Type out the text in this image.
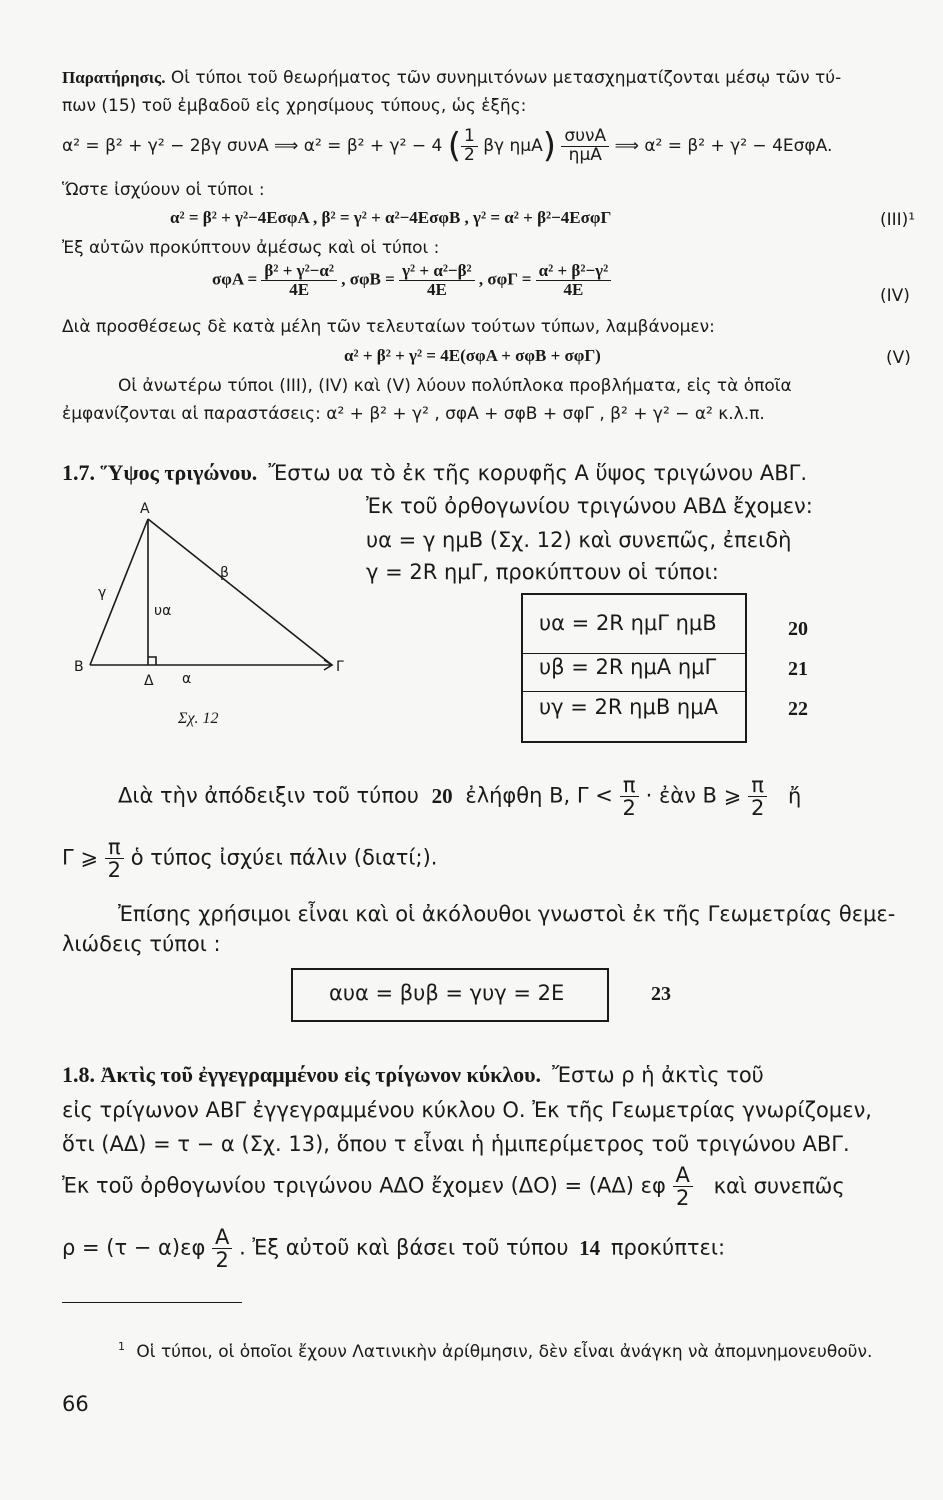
Παρατήρησις. Οἱ τύποι τοῦ θεωρήματος τῶν συνημιτόνων μετασχηματίζονται μέσῳ τῶν τύ-
πων (15) τοῦ ἐμβαδοῦ εἰς χρησίμους τύπους, ὡς ἑξῆς:
α² = β² + γ² − 2βγ συνA ⟹ α² = β² + γ² − 4 ( $\frac{1}{2}$ βγ $\eta\mu A) \frac{\text{συνA}}{\text{ημA}}$ ⟹ α² = β² + γ² − 4EσφA.
Ὥστε ἰσχύουν οἱ τύποι :
α² = β² + γ²−4EσφA , β² = γ² + α²−4EσφB , γ² = α² + β²−4EσφΓ	(III)¹
Ἐξ αὐτῶν προκύπτουν ἀμέσως καὶ οἱ τύποι :
$\sigma\varphi A = \frac{\text{β² + γ²−α²}}{4E}$ , $\sigma\varphi B = \frac{\text{γ² + α²−β²}}{4E}$ , $\sigma\varphi\Gamma = \frac{\text{α² + β²−γ²}}{4E}$	(IV)
Διὰ προσθέσεως δὲ κατὰ μέλη τῶν τελευταίων τούτων τύπων, λαμβάνομεν:
α² + β² + γ² = 4E(σφA + σφB + σφΓ)	(V)
Οἱ ἀνωτέρω τύποι (III), (IV) καὶ (V) λύουν πολύπλοκα προβλήματα, εἰς τὰ ὁποῖα
ἐμφανίζονται αἱ παραστάσεις: α² + β² + γ² , σφA + σφB + σφΓ , β² + γ² − α² κ.λ.π.
1.7. Ὕψος τριγώνου. Ἔστω υα τὸ ἐκ τῆς κορυφῆς A ὕψος τριγώνου AΒΓ.
Ἐκ τοῦ ὀρθογωνίου τριγώνου ΑΒΔ ἔχομεν:
υα = γ ημB (Σχ. 12) καὶ συνεπῶς, ἐπειδὴ
γ = 2R ημΓ, προκύπτουν οἱ τύποι:
A
B	Γ
Δ
β
γ
α
υα
Σχ. 12
υα = 2R ημΓ ημB
υβ = 2R ημA ημΓ
υγ = 2R ημB ημA
20
21
22
Διὰ τὴν ἀπόδειξιν τοῦ τύπου 20 ἐλήφθη B, $\Gamma < \frac{\pi}{2}$ · ἐὰν B ⩾ $\frac{\pi}{2}$ ἤ
Γ ⩾ $\frac{\pi}{2}$ ὁ τύπος ἰσχύει πάλιν (διατί;).
Ἐπίσης χρήσιμοι εἶναι καὶ οἱ ἀκόλουθοι γνωστοὶ ἐκ τῆς Γεωμετρίας θεμε-
λιώδεις τύποι :
αυα = βυβ = γυγ = 2E	23
1.8. Ἀκτὶς τοῦ ἐγγεγραμμένου εἰς τρίγωνον κύκλου. Ἔστω ρ ἡ ἀκτὶς τοῦ
εἰς τρίγωνον ΑΒΓ ἐγγεγραμμένου κύκλου Ο. Ἐκ τῆς Γεωμετρίας γνωρίζομεν,
ὅτι (AΔ) = τ − α (Σχ. 13), ὅπου τ εἶναι ἡ ἡμιπερίμετρος τοῦ τριγώνου ΑΒΓ.
Ἐκ τοῦ ὀρθογωνίου τριγώνου ΑΔΟ ἔχομεν (ΔΟ) = (ΑΔ) εφ $\frac{A}{2}$ καὶ συνεπῶς
$\rho = (\tau - \alpha)\varepsilon\varphi \frac{A}{2}$ . Ἐξ αὐτοῦ καὶ βάσει τοῦ τύπου 14 προκύπτει:
$^1$ Οἱ τύποι, οἱ ὁποῖοι ἔχουν Λατινικὴν ἀρίθμησιν, δὲν εἶναι ἀνάγκη νὰ ἀπομνημονευθοῦν.
66
